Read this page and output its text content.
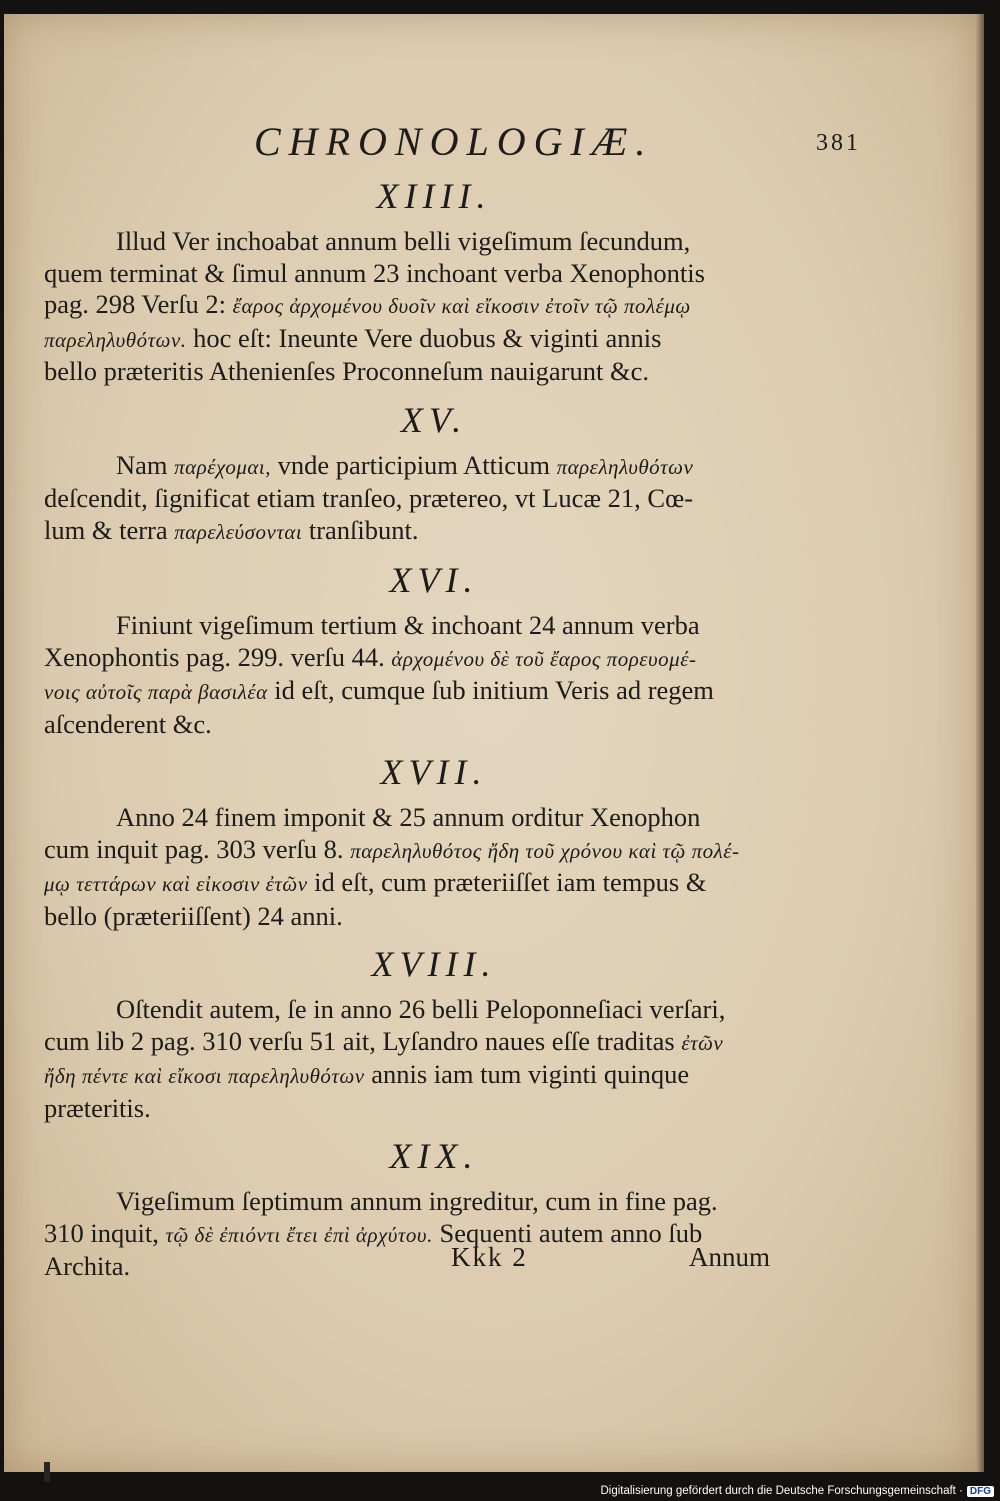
CHRONOLOGIÆ.	381
XIIII.
Illud Ver inchoabat annum belli vigeſimum ſecundum,
quem terminat & ſimul annum 23 inchoant verba Xenophontis
pag. 298 Verſu 2: ἔαρος ἀρχομένου δυοῖν καὶ εἴκοσιν ἐτοῖν τῷ πολέμῳ
παρεληλυθότων. hoc eſt: Ineunte Vere duobus & viginti annis
bello præteritis Athenienſes Proconneſum nauigarunt &c.
XV.
Nam παρέχομαι, vnde participium Atticum παρεληλυθότων
deſcendit, ſignificat etiam tranſeo, prætereo, vt Lucæ 21, Cœ-
lum & terra παρελεύσονται tranſibunt.
XVI.
Finiunt vigeſimum tertium & inchoant 24 annum verba
Xenophontis pag. 299. verſu 44. ἀρχομένου δὲ τοῦ ἔαρος πορευομέ-
νοις αὐτοῖς παρὰ βασιλέα id eſt, cumque ſub initium Veris ad regem
aſcenderent &c.
XVII.
Anno 24 finem imponit & 25 annum orditur Xenophon
cum inquit pag. 303 verſu 8. παρεληλυθότος ἤδη τοῦ χρόνου καὶ τῷ πολέ-
μῳ τεττάρων καὶ εἰκοσιν ἐτῶν id eſt, cum præteriiſſet iam tempus &
bello (præteriiſſent) 24 anni.
XVIII.
Oſtendit autem, ſe in anno 26 belli Peloponneſiaci verſari,
cum lib 2 pag. 310 verſu 51 ait, Lyſandro naues eſſe traditas ἐτῶν
ἤδη πέντε καὶ εἴκοσι παρεληλυθότων annis iam tum viginti quinque
præteritis.
XIX.
Vigeſimum ſeptimum annum ingreditur, cum in fine pag.
310 inquit, τῷ δὲ ἐπιόντι ἔτει ἐπὶ ἀρχύτου. Sequenti autem anno ſub
Archita.	Kkk 2	Annum
Digitalisierung gefördert durch die Deutsche Forschungsgemeinschaft · DFG
